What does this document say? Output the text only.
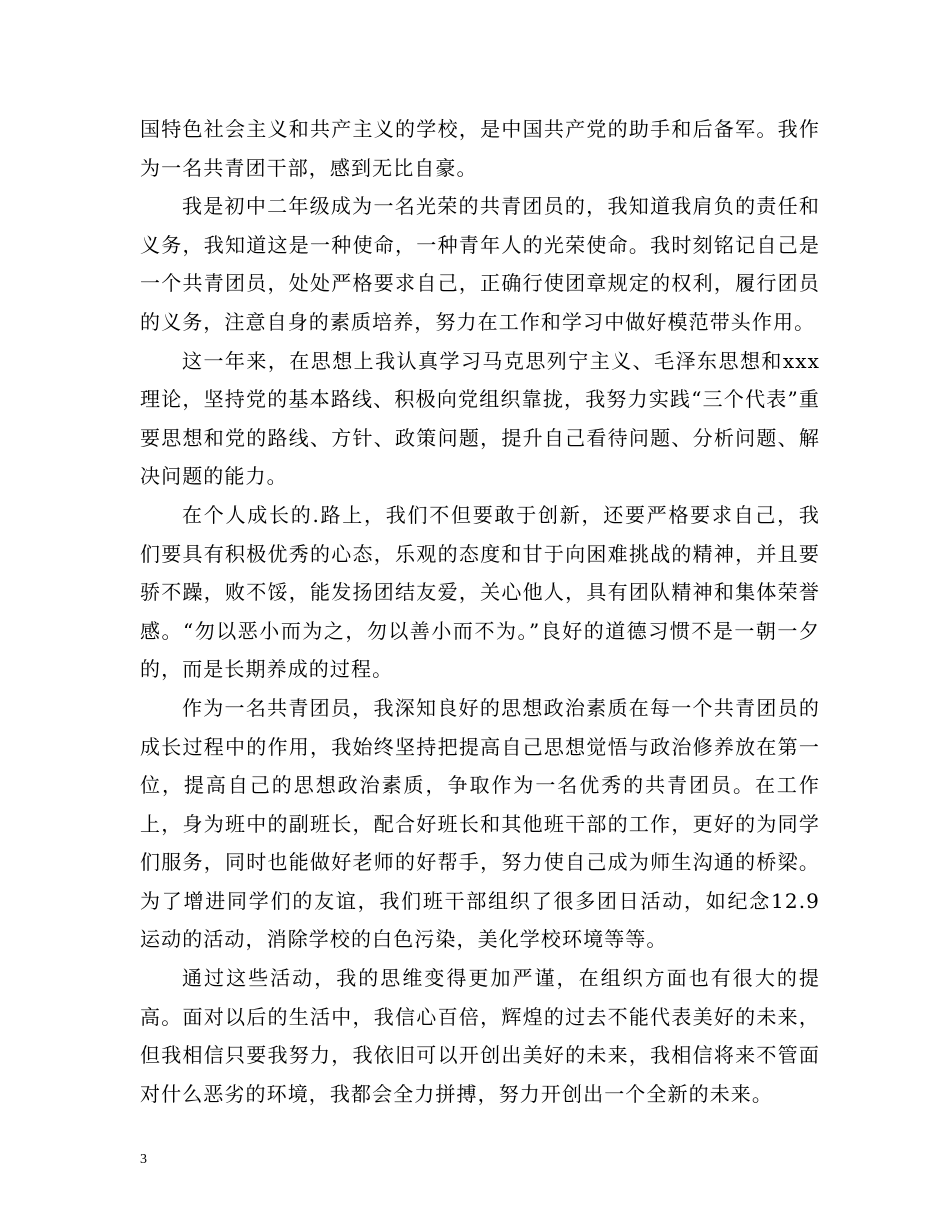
国特色社会主义和共产主义的学校，是中国共产党的助手和后备军。我作为一名共青团干部，感到无比自豪。

我是初中二年级成为一名光荣的共青团员的，我知道我肩负的责任和义务，我知道这是一种使命，一种青年人的光荣使命。我时刻铭记自己是一个共青团员，处处严格要求自己，正确行使团章规定的权利，履行团员的义务，注意自身的素质培养，努力在工作和学习中做好模范带头作用。

这一年来，在思想上我认真学习马克思列宁主义、毛泽东思想和xxx理论，坚持党的基本路线、积极向党组织靠拢，我努力实践“三个代表”重要思想和党的路线、方针、政策问题，提升自己看待问题、分析问题、解决问题的能力。

在个人成长的.路上，我们不但要敢于创新，还要严格要求自己，我们要具有积极优秀的心态，乐观的态度和甘于向困难挑战的精神，并且要骄不躁，败不馁，能发扬团结友爱，关心他人，具有团队精神和集体荣誉感。“勿以恶小而为之，勿以善小而不为。”良好的道德习惯不是一朝一夕的，而是长期养成的过程。

作为一名共青团员，我深知良好的思想政治素质在每一个共青团员的成长过程中的作用，我始终坚持把提高自己思想觉悟与政治修养放在第一位，提高自己的思想政治素质，争取作为一名优秀的共青团员。在工作上，身为班中的副班长，配合好班长和其他班干部的工作，更好的为同学们服务，同时也能做好老师的好帮手，努力使自己成为师生沟通的桥梁。为了增进同学们的友谊，我们班干部组织了很多团日活动，如纪念12.9运动的活动，消除学校的白色污染，美化学校环境等等。

通过这些活动，我的思维变得更加严谨，在组织方面也有很大的提高。面对以后的生活中，我信心百倍，辉煌的过去不能代表美好的未来，但我相信只要我努力，我依旧可以开创出美好的未来，我相信将来不管面对什么恶劣的环境，我都会全力拼搏，努力开创出一个全新的未来。

3
